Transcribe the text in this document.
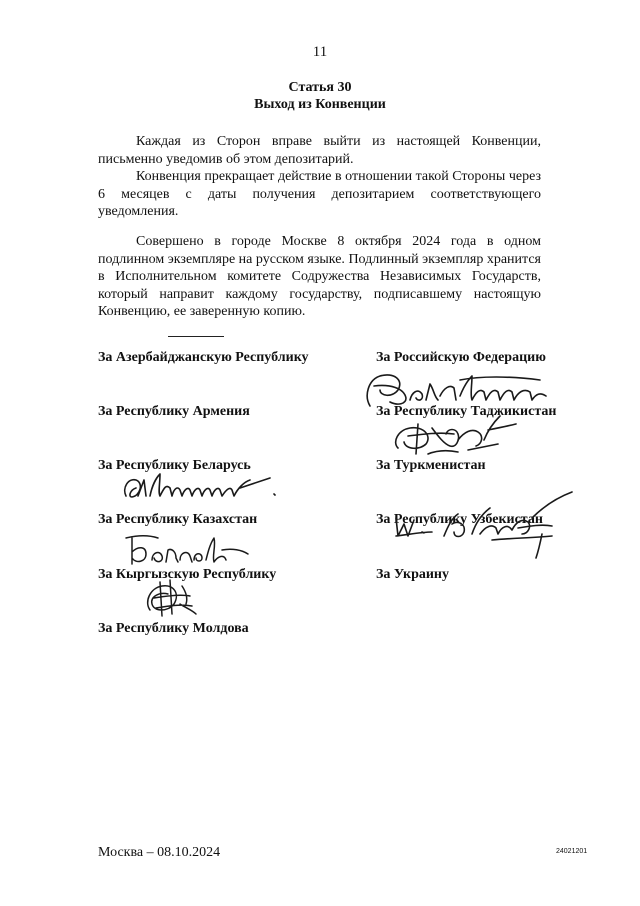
11
Статья 30
Выход из Конвенции
Каждая из Сторон вправе выйти из настоящей Конвенции, письменно уведомив об этом депозитарий.
Конвенция прекращает действие в отношении такой Стороны через 6 месяцев с даты получения депозитарием соответствующего уведомления.
Совершено в городе Москве 8 октября 2024 года в одном подлинном экземпляре на русском языке. Подлинный экземпляр хранится в Исполнительном комитете Содружества Независимых Государств, который направит каждому государству, подписавшему настоящую Конвенцию, ее заверенную копию.
За Азербайджанскую Республику
За Республику Армения
За Республику Беларусь
За Республику Казахстан
За Кыргызскую Республику
За Республику Молдова
За Российскую Федерацию
За Республику Таджикистан
За Туркменистан
За Республику Узбекистан
За Украину
Москва – 08.10.2024	24021201
